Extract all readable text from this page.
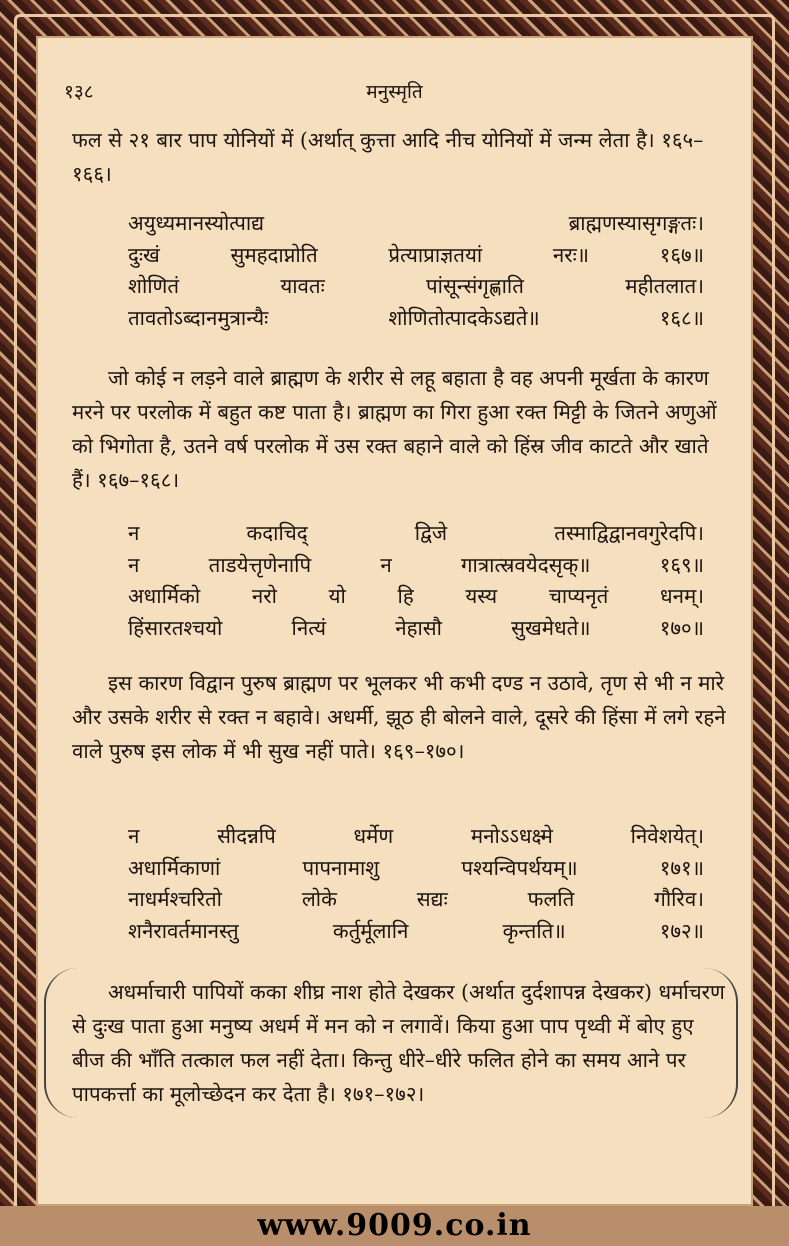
१३८	मनुस्मृति

फल से २१ बार पाप योनियों में (अर्थात् कुत्ता आदि नीच योनियों में जन्म लेता है। १६५–१६६।

अयुध्यमानस्योत्पाद्य ब्राह्मणस्यासृगङ्गतः।
दुःखं सुमहदाप्नोति प्रेत्याप्राज्ञतयां नरः॥ १६७॥
शोणितं यावतः पांसून्संगृह्णाति महीतलात।
तावतोऽब्दानमुत्रान्यैः शोणितोत्पादकेऽद्यते॥ १६८॥

जो कोई न लड़ने वाले ब्राह्मण के शरीर से लहू बहाता है वह अपनी मूर्खता के कारण मरने पर परलोक में बहुत कष्ट पाता है। ब्राह्मण का गिरा हुआ रक्त मिट्टी के जितने अणुओं को भिगोता है, उतने वर्ष परलोक में उस रक्त बहाने वाले को हिंस्र जीव काटते और खाते हैं। १६७–१६८।

न कदाचिद् द्विजे तस्माद्विद्वानवगुरेदपि।
न ताडयेत्तृणेनापि न गात्रात्स्रवयेदसृक्॥ १६९॥
अधार्मिको नरो यो हि यस्य चाप्यनृतं धनम्।
हिंसारतश्चयो नित्यं नेहासौ सुखमेधते॥ १७०॥

इस कारण विद्वान पुरुष ब्राह्मण पर भूलकर भी कभी दण्ड न उठावे, तृण से भी न मारे और उसके शरीर से रक्त न बहावे। अधर्मी, झूठ ही बोलने वाले, दूसरे की हिंसा में लगे रहने वाले पुरुष इस लोक में भी सुख नहीं पाते। १६९–१७०।

न सीदन्नपि धर्मेण मनोऽऽधक्ष्मे निवेशयेत्।
अधार्मिकाणां पापनामाशु पश्यन्विपर्थयम्॥ १७१॥
नाधर्मश्चरितो लोके सद्यः फलति गौरिव।
शनैरावर्तमानस्तु कर्तुर्मूलानि कृन्तति॥ १७२॥

अधर्माचारी पापियों कका शीघ्र नाश होते देखकर (अर्थात दुर्दशापन्न देखकर) धर्माचरण से दुःख पाता हुआ मनुष्य अधर्म में मन को न लगावें। किया हुआ पाप पृथ्वी में बोए हुए बीज की भाँति तत्काल फल नहीं देता। किन्तु धीरे–धीरे फलित होने का समय आने पर पापकर्त्ता का मूलोच्छेदन कर देता है। १७१–१७२।

www.9009.co.in
